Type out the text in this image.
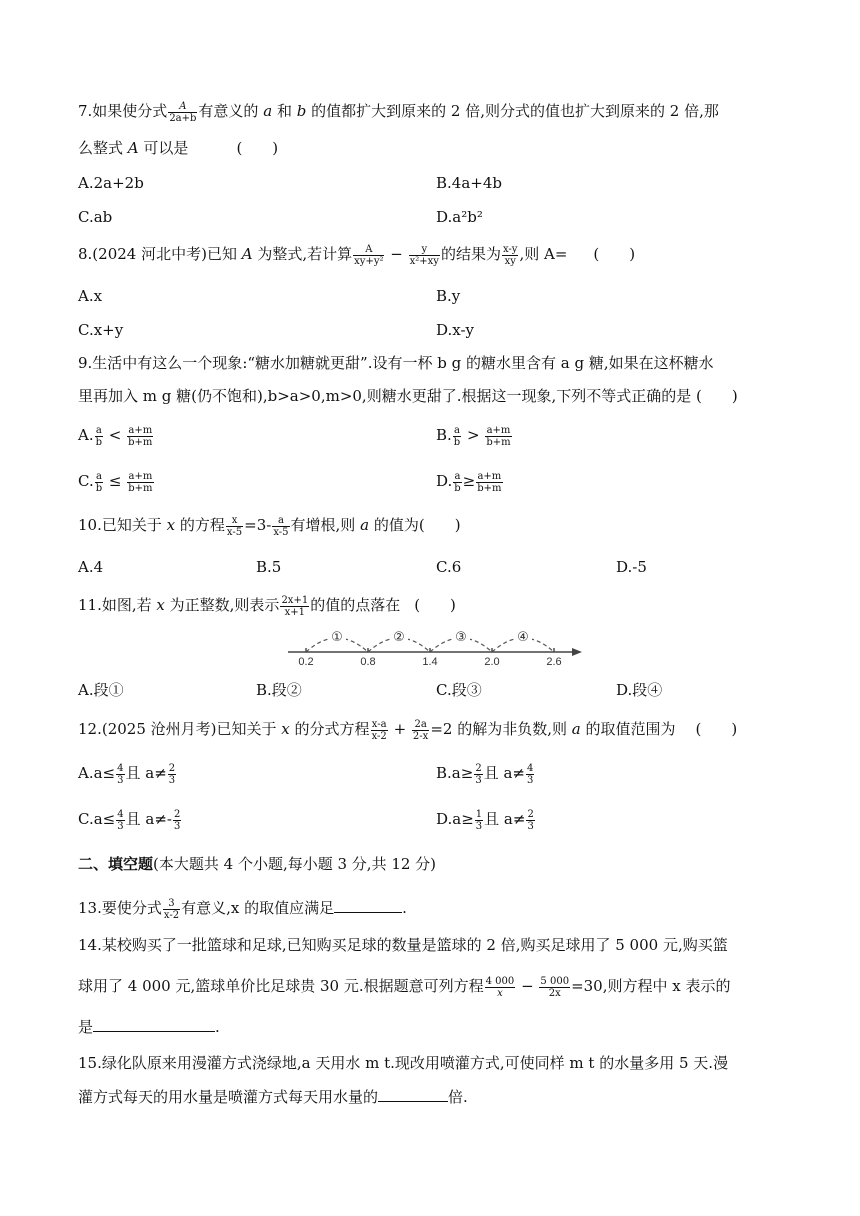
7.如果使分式 $\frac{A}{2a+b}$ 有意义的 a 和 b 的值都扩大到原来的 2 倍,则分式的值也扩大到原来的 2 倍,那
么整式 A 可以是	(　　)
A.2a+2b	B.4a+4b
C.ab	D.a²b²
8.(2024 河北中考)已知 A 为整式,若计算 $\frac{A}{\text{xy+y²}} - \frac{y}{\text{x²+xy}}$ 的结果为 $\frac{x-y}{xy}$ ,则 A= (　　)
A.x	B.y
C.x+y	D.x-y
9.生活中有这么一个现象:“糖水加糖就更甜”.设有一杯 b g 的糖水里含有 a g 糖,如果在这杯糖水
里再加入 m g 糖(仍不饱和),b>a>0,m>0,则糖水更甜了.根据这一现象,下列不等式正确的是 (　　)
A. $\frac{a}{b} < \frac{a+m}{b+m}$	B. $\frac{a}{b} > \frac{a+m}{b+m}$
C. $\frac{a}{b} \le \frac{a+m}{b+m}$	D. $\frac{a}{b} \ge \frac{a+m}{b+m}$
10.已知关于 x 的方程 $\frac{x}{x-5} =3- \frac{a}{x-5}$ 有增根,则 a 的值为(　　)
A.4	B.5	C.6	D.-5
11.如图,若 x 为正整数,则表示 $\frac{2x+1}{x+1}$ 的值的点落在 (　　)
0.2	0.8	1.4	2.0	2.6
①	②	③	④
A.段①	B.段②	C.段③	D.段④
12.(2025 沧州月考)已知关于 x 的分式方程 $\frac{x-a}{x-2} + \frac{2a}{2-x} =2$ 的解为非负数,则 a 的取值范围为 (　　)
$A.a\le \frac{4}{3}$ 且 $a\ne \frac{2}{3}$	$B.a\ge \frac{2}{3}$ 且 $a\ne \frac{4}{3}$
$C.a\le \frac{4}{3}$ 且 $a\ne- \frac{2}{3}$	$D.a\ge \frac{1}{3}$ 且 $a\ne \frac{2}{3}$
二、填空题(本大题共 4 个小题,每小题 3 分,共 12 分)
13.要使分式 $\frac{3}{x-2}$ 有意义,x 的取值应满足	.
14.某校购买了一批篮球和足球,已知购买足球的数量是篮球的 2 倍,购买足球用了 5 000 元,购买篮
球用了 4 000 元,篮球单价比足球贵 30 元.根据题意可列方程 $\frac{4 000}{x} - \frac{5 000}{2x} =30$,则方程中 x 表示的
是	.
15.绿化队原来用漫灌方式浇绿地,a 天用水 m t.现改用喷灌方式,可使同样 m t 的水量多用 5 天.漫
灌方式每天的用水量是喷灌方式每天用水量的	倍.
